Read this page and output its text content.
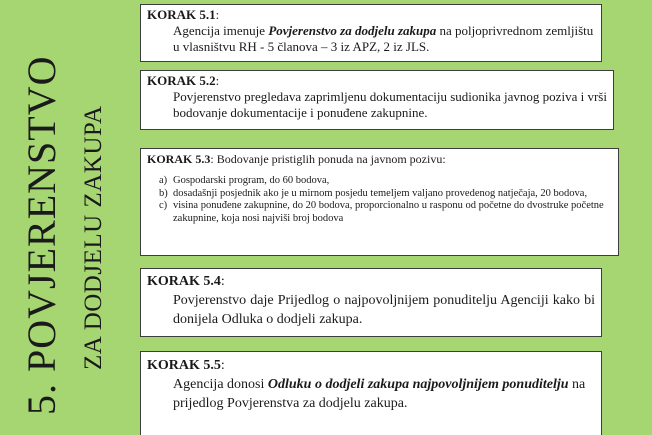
5. POVJERENSTVO ZA DODJELU ZAKUPA
KORAK 5.1:
Agencija imenuje Povjerenstvo za dodjelu zakupa na poljoprivrednom zemljištu u vlasništvu RH - 5 članova – 3 iz APZ, 2 iz JLS.
KORAK 5.2:
Povjerenstvo pregledava zaprimljenu dokumentaciju sudionika javnog poziva i vrši bodovanje dokumentacije i ponuđene zakupnine.
KORAK 5.3: Bodovanje pristiglih ponuda na javnom pozivu:
a) Gospodarski program, do 60 bodova,
b) dosadašnji posjednik ako je u mirnom posjedu temeljem valjano provedenog natječaja, 20 bodova,
c) visina ponuđene zakupnine, do 20 bodova, proporcionalno u rasponu od početne do dvostruke početne zakupnine, koja nosi najviši broj bodova
KORAK 5.4:
Povjerenstvo daje Prijedlog o najpovoljnijem ponuditelju Agenciji kako bi donijela Odluka o dodjeli zakupa.
KORAK 5.5:
Agencija donosi Odluku o dodjeli zakupa najpovoljnijem ponuditelju na prijedlog Povjerenstva za dodjelu zakupa.
